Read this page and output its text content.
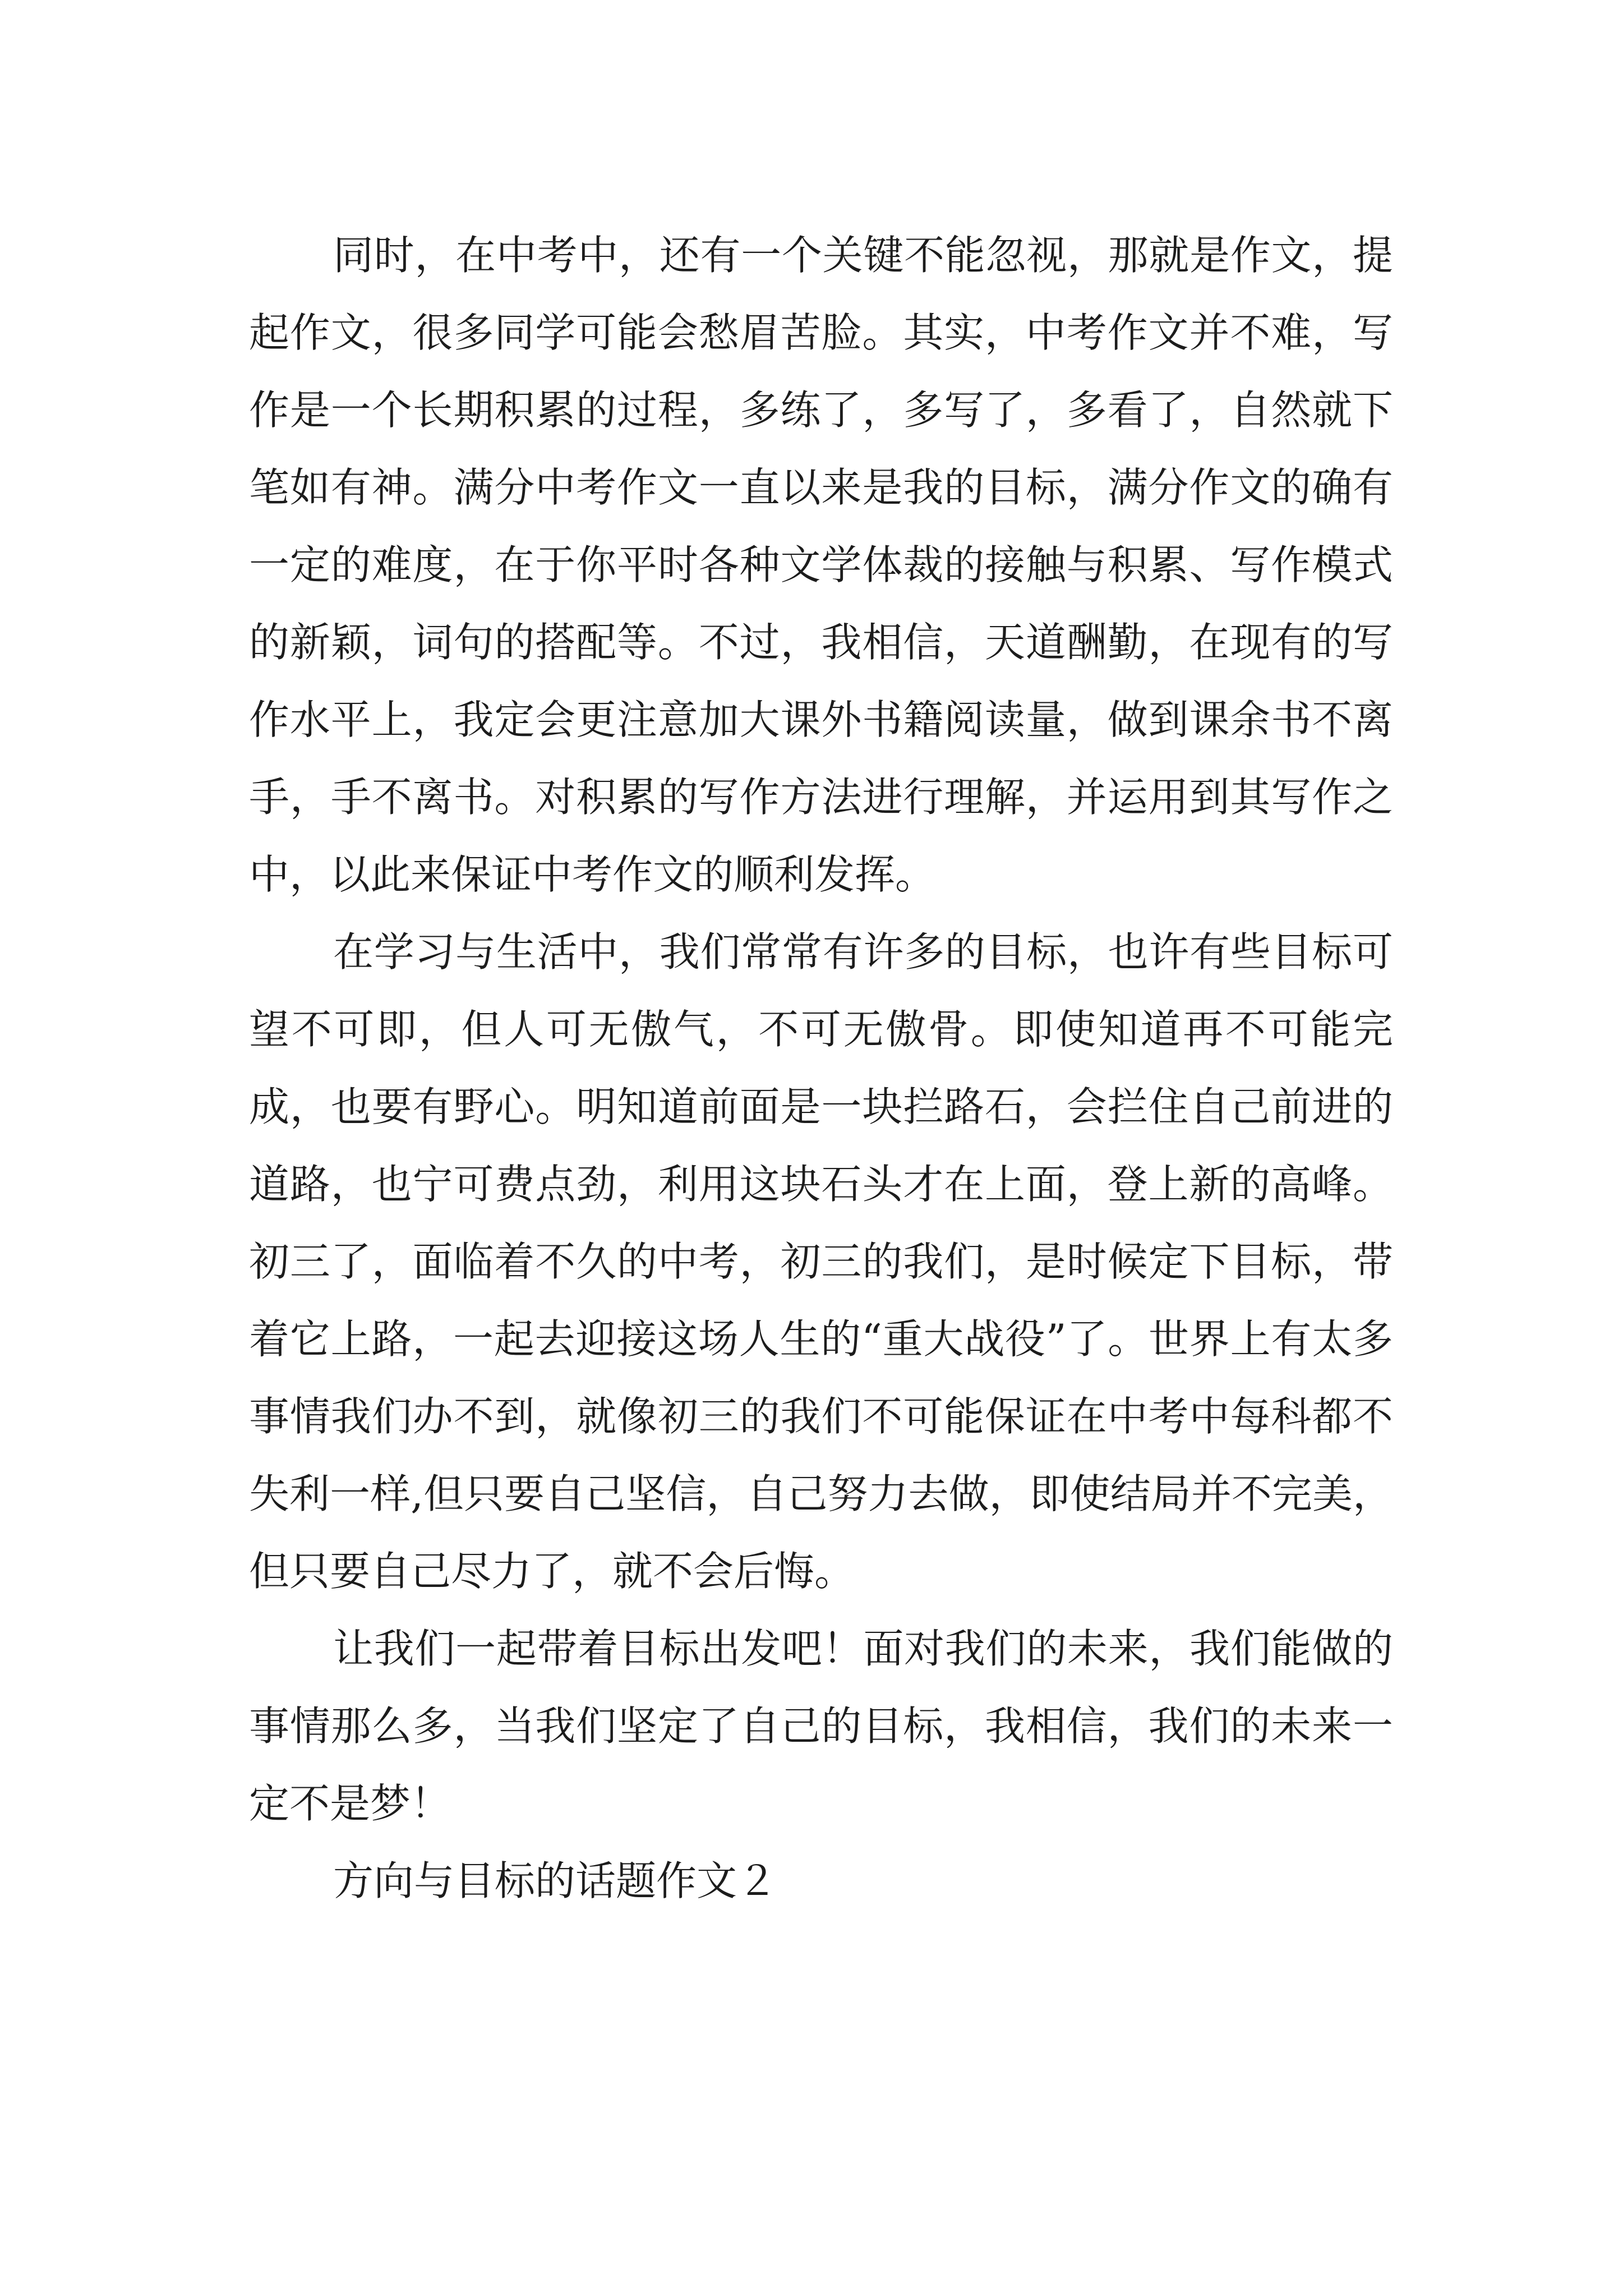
同时，在中考中，还有一个关键不能忽视，那就是作文，提起作文，很多同学可能会愁眉苦脸。其实，中考作文并不难，写作是一个长期积累的过程，多练了，多写了，多看了，自然就下笔如有神。满分中考作文一直以来是我的目标，满分作文的确有一定的难度，在于你平时各种文学体裁的接触与积累、写作模式的新颖，词句的搭配等。不过，我相信，天道酬勤，在现有的写作水平上，我定会更注意加大课外书籍阅读量，做到课余书不离手，手不离书。对积累的写作方法进行理解，并运用到其写作之中，以此来保证中考作文的顺利发挥。

在学习与生活中，我们常常有许多的目标，也许有些目标可望不可即，但人可无傲气，不可无傲骨。即使知道再不可能完成，也要有野心。明知道前面是一块拦路石，会拦住自己前进的道路，也宁可费点劲，利用这块石头才在上面，登上新的高峰。初三了，面临着不久的中考，初三的我们，是时候定下目标，带着它上路，一起去迎接这场人生的“重大战役”了。世界上有太多事情我们办不到，就像初三的我们不可能保证在中考中每科都不失利一样,但只要自己坚信，自己努力去做，即使结局并不完美，但只要自己尽力了，就不会后悔。

让我们一起带着目标出发吧！面对我们的未来，我们能做的事情那么多，当我们坚定了自己的目标，我相信，我们的未来一定不是梦！

方向与目标的话题作文２
